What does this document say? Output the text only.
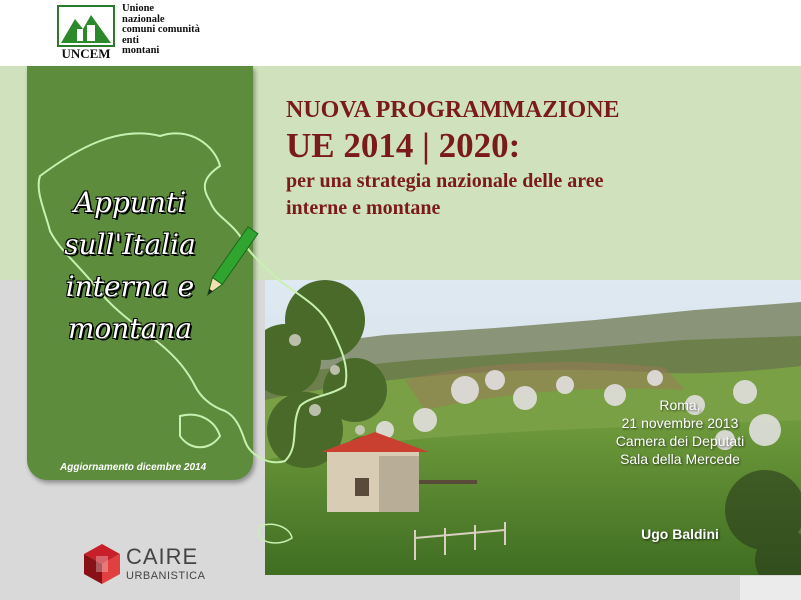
UNCEM
Unione
nazionale
comuni comunità
enti
montani
Appunti
sull'Italia
interna e
montana
Aggiornamento dicembre 2014
NUOVA PROGRAMMAZIONE
UE 2014 | 2020:
per una strategia nazionale delle aree
interne e montane
Roma,
21 novembre 2013
Camera dei Deputati
Sala della Mercede
Ugo Baldini
CAIRE
URBANISTICA
